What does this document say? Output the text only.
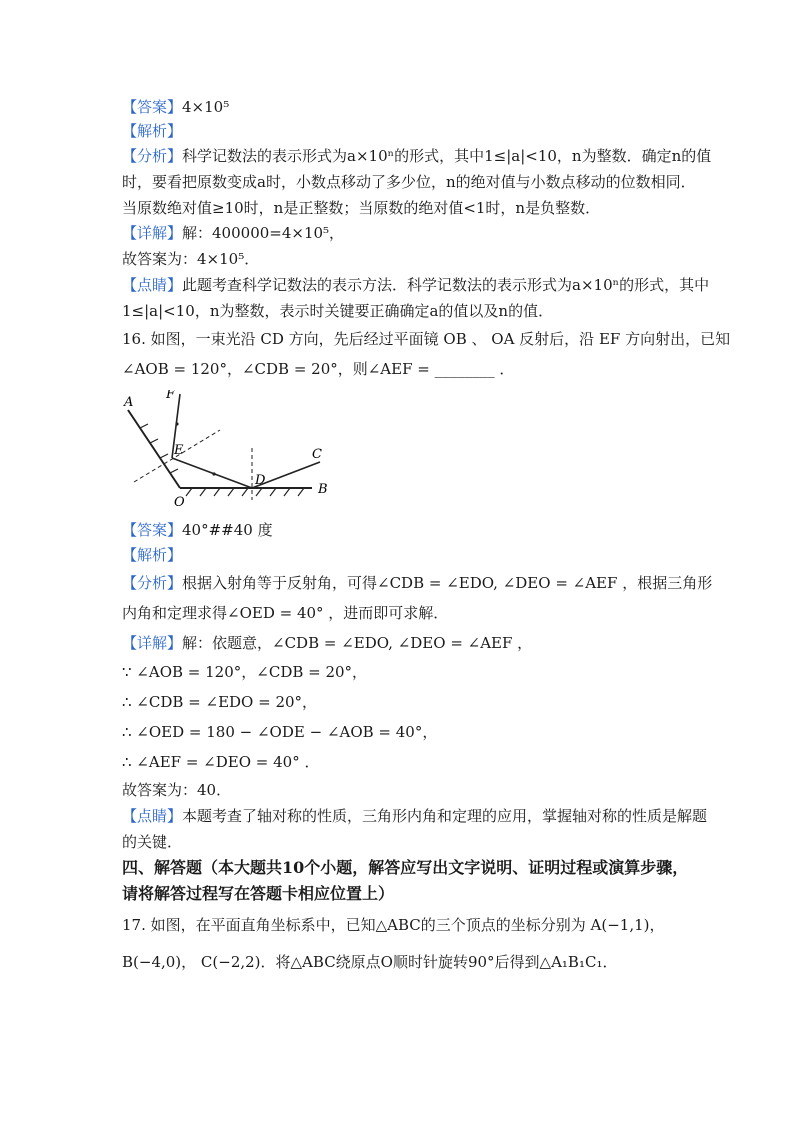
【答案】4×10⁵
【解析】
【分析】科学记数法的表示形式为a×10ⁿ的形式，其中1≤|a|<10，n为整数．确定n的值
时，要看把原数变成a时，小数点移动了多少位，n的绝对值与小数点移动的位数相同．
当原数绝对值≥10时，n是正整数；当原数的绝对值<1时，n是负整数．
【详解】解：400000=4×10⁵，
故答案为：4×10⁵．
【点睛】此题考查科学记数法的表示方法．科学记数法的表示形式为a×10ⁿ的形式，其中
1≤|a|<10，n为整数，表示时关键要正确确定a的值以及n的值．
16. 如图，一束光沿 CD 方向，先后经过平面镜 OB 、 OA 反射后，沿 EF 方向射出，已知
∠AOB = 120°，∠CDB = 20°，则∠AEF = ________ ．
A
B
C
D
E
F
O
【答案】40°##40 度
【解析】
【分析】根据入射角等于反射角，可得∠CDB = ∠EDO, ∠DEO = ∠AEF ，根据三角形
内角和定理求得∠OED = 40° ，进而即可求解．
【详解】解：依题意，∠CDB = ∠EDO, ∠DEO = ∠AEF ，
∵ ∠AOB = 120°，∠CDB = 20°，
∴ ∠CDB = ∠EDO = 20°，
∴ ∠OED = 180 − ∠ODE − ∠AOB = 40°，
∴ ∠AEF = ∠DEO = 40° ．
故答案为：40．
【点睛】本题考查了轴对称的性质，三角形内角和定理的应用，掌握轴对称的性质是解题
的关键．
四、解答题（本大题共10个小题，解答应写出文字说明、证明过程或演算步骤，
请将解答过程写在答题卡相应位置上）
17. 如图，在平面直角坐标系中，已知△ABC的三个顶点的坐标分别为 A(−1,1)，
B(−4,0)， C(−2,2)．将△ABC绕原点O顺时针旋转90°后得到△A₁B₁C₁．
